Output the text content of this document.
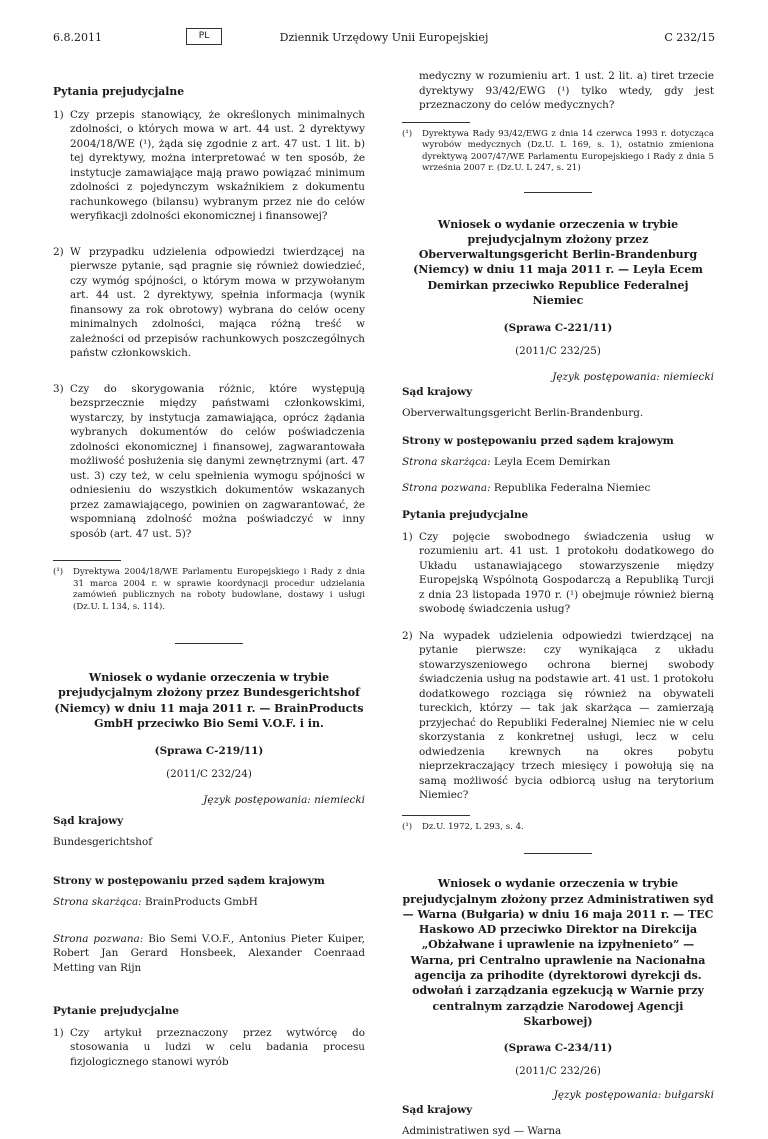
6.8.2011	PL	Dziennik Urzędowy Unii Europejskiej	C 232/15
Pytania prejudycjalne
1) Czy przepis stanowiący, że określonych minimalnych zdolności, o których mowa w art. 44 ust. 2 dyrektywy 2004/18/WE (¹), żąda się zgodnie z art. 47 ust. 1 lit. b) tej dyrektywy, można interpretować w ten sposób, że instytucje zamawiające mają prawo powiązać minimum zdolności z pojedynczym wskaźnikiem z dokumentu rachunkowego (bilansu) wybranym przez nie do celów weryfikacji zdolności ekonomicznej i finansowej?
2) W przypadku udzielenia odpowiedzi twierdzącej na pierwsze pytanie, sąd pragnie się również dowiedzieć, czy wymóg spójności, o którym mowa w przywołanym art. 44 ust. 2 dyrektywy, spełnia informacja (wynik finansowy za rok obrotowy) wybrana do celów oceny minimalnych zdolności, mająca różną treść w zależności od przepisów rachunkowych poszczególnych państw członkowskich.
3) Czy do skorygowania różnic, które występują bezsprzecznie między państwami członkowskimi, wystarczy, by instytucja zamawiająca, oprócz żądania wybranych dokumentów do celów poświadczenia zdolności ekonomicznej i finansowej, zagwarantowała możliwość posłużenia się danymi zewnętrznymi (art. 47 ust. 3) czy też, w celu spełnienia wymogu spójności w odniesieniu do wszystkich dokumentów wskazanych przez zamawiającego, powinien on zagwarantować, że wspomnianą zdolność można poświadczyć w inny sposób (art. 47 ust. 5)?
(¹)	Dyrektywa 2004/18/WE Parlamentu Europejskiego i Rady z dnia 31 marca 2004 r. w sprawie koordynacji procedur udzielania zamówień publicznych na roboty budowlane, dostawy i usługi (Dz.U. L 134, s. 114).
Wniosek o wydanie orzeczenia w trybie prejudycjalnym złożony przez Bundesgerichtshof (Niemcy) w dniu 11 maja 2011 r. — BrainProducts GmbH przeciwko Bio Semi V.O.F. i in.
(Sprawa C-219/11)
(2011/C 232/24)
Język postępowania: niemiecki
Sąd krajowy
Bundesgerichtshof
Strony w postępowaniu przed sądem krajowym
Strona skarżąca: BrainProducts GmbH
Strona pozwana: Bio Semi V.O.F., Antonius Pieter Kuiper, Robert Jan Gerard Honsbeek, Alexander Coenraad Metting van Rijn
Pytanie prejudycjalne
1) Czy artykuł przeznaczony przez wytwórcę do stosowania u ludzi w celu badania procesu fizjologicznego stanowi wyrób
medyczny w rozumieniu art. 1 ust. 2 lit. a) tiret trzecie dyrektywy 93/42/EWG (¹) tylko wtedy, gdy jest przeznaczony do celów medycznych?
(¹)	Dyrektywa Rady 93/42/EWG z dnia 14 czerwca 1993 r. dotycząca wyrobów medycznych (Dz.U. L 169, s. 1), ostatnio zmieniona dyrektywą 2007/47/WE Parlamentu Europejskiego i Rady z dnia 5 września 2007 r. (Dz.U. L 247, s. 21)
Wniosek o wydanie orzeczenia w trybie prejudycjalnym złożony przez Oberverwaltungsgericht Berlin-Brandenburg (Niemcy) w dniu 11 maja 2011 r. — Leyla Ecem Demirkan przeciwko Republice Federalnej Niemiec
(Sprawa C-221/11)
(2011/C 232/25)
Język postępowania: niemiecki
Sąd krajowy
Oberverwaltungsgericht Berlin-Brandenburg.
Strony w postępowaniu przed sądem krajowym
Strona skarżąca: Leyla Ecem Demirkan
Strona pozwana: Republika Federalna Niemiec
Pytania prejudycjalne
1) Czy pojęcie swobodnego świadczenia usług w rozumieniu art. 41 ust. 1 protokołu dodatkowego do Układu ustanawiającego stowarzyszenie między Europejską Wspólnotą Gospodarczą a Republiką Turcji z dnia 23 listopada 1970 r. (¹) obejmuje również bierną swobodę świadczenia usług?
2) Na wypadek udzielenia odpowiedzi twierdzącej na pytanie pierwsze: czy wynikająca z układu stowarzyszeniowego ochrona biernej swobody świadczenia usług na podstawie art. 41 ust. 1 protokołu dodatkowego rozciąga się również na obywateli tureckich, którzy — tak jak skarżąca — zamierzają przyjechać do Republiki Federalnej Niemiec nie w celu skorzystania z konkretnej usługi, lecz w celu odwiedzenia krewnych na okres pobytu nieprzekraczający trzech miesięcy i powołują się na samą możliwość bycia odbiorcą usług na terytorium Niemiec?
(¹)	Dz.U. 1972, L 293, s. 4.
Wniosek o wydanie orzeczenia w trybie prejudycjalnym złożony przez Administratiwen syd — Warna (Bułgaria) w dniu 16 maja 2011 r. — TEC Haskowo AD przeciwko Direktor na Direkcija „Obżałwane i uprawlenie na izpyłnenieto” — Warna, pri Centralno uprawlenie na Nacionałna agencija za prihodite (dyrektorowi dyrekcji ds. odwołań i zarządzania egzekucją w Warnie przy centralnym zarządzie Narodowej Agencji Skarbowej)
(Sprawa C-234/11)
(2011/C 232/26)
Język postępowania: bułgarski
Sąd krajowy
Administratiwen syd — Warna
